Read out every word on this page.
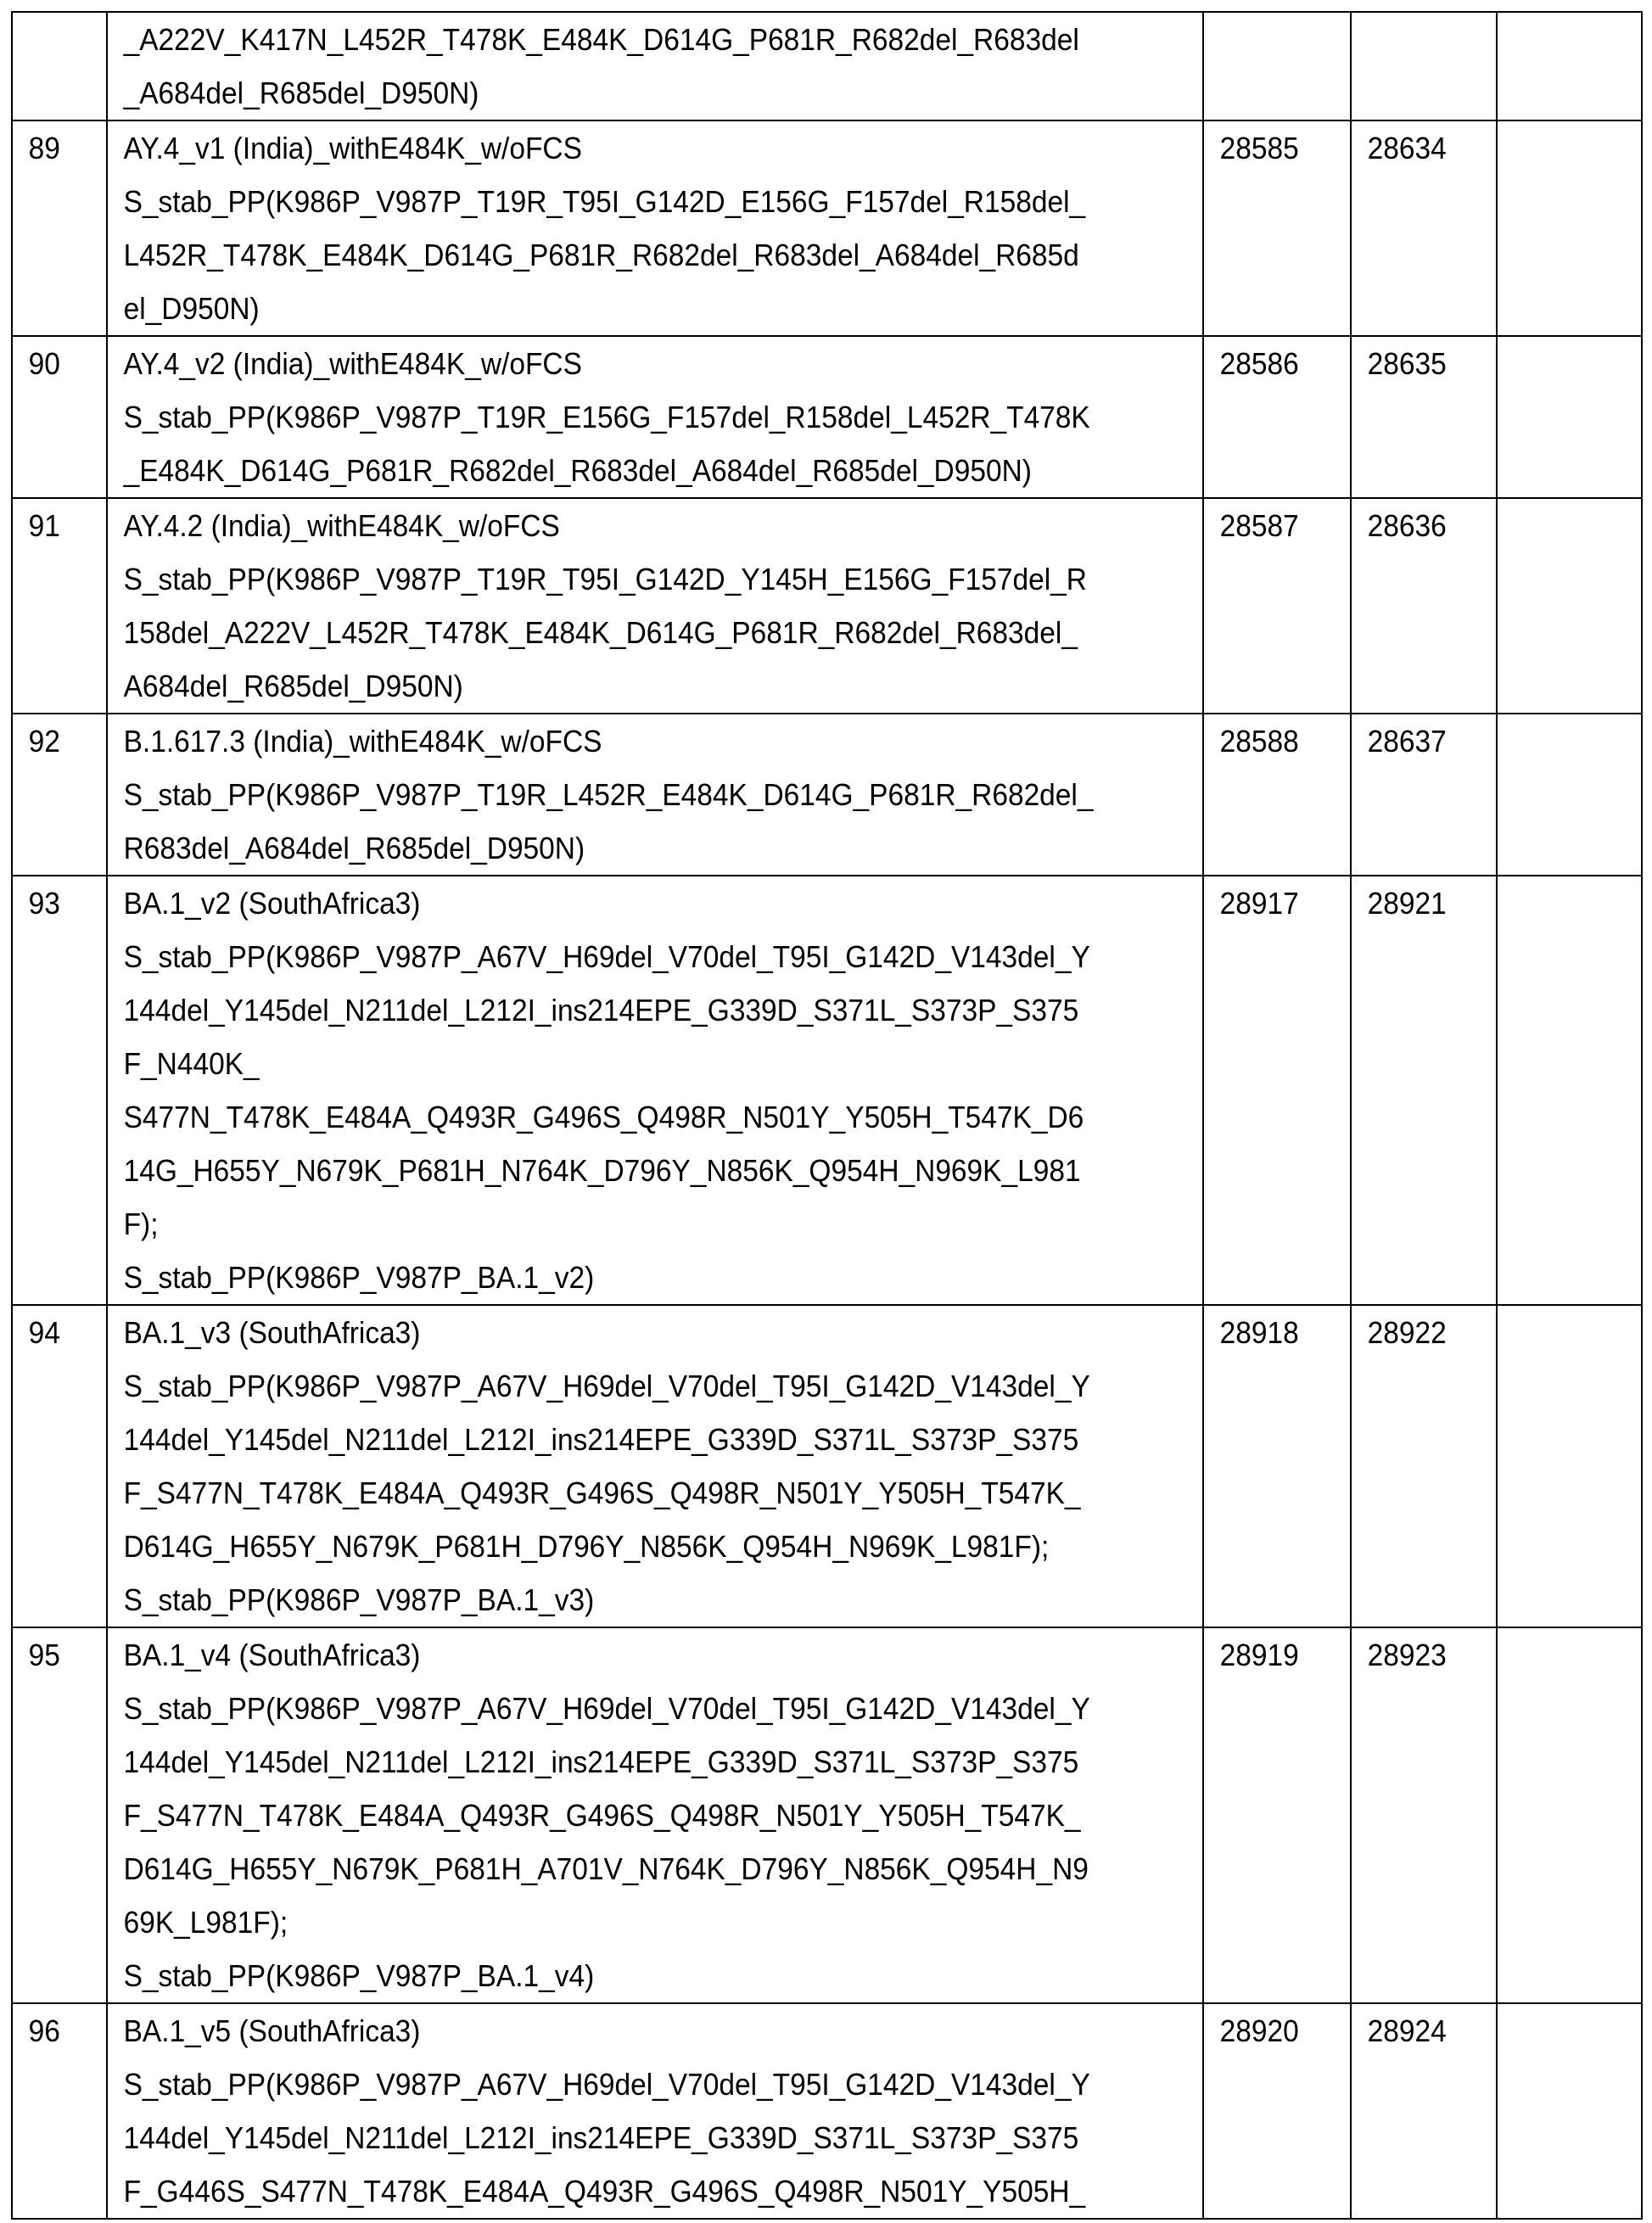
_A222V_K417N_L452R_T478K_E484K_D614G_P681R_R682del_R683del
_A684del_R685del_D950N)

89	AY.4_v1 (India)_withE484K_w/oFCS
S_stab_PP(K986P_V987P_T19R_T95I_G142D_E156G_F157del_R158del_
L452R_T478K_E484K_D614G_P681R_R682del_R683del_A684del_R685d
el_D950N)

28585	28634

90	AY.4_v2 (India)_withE484K_w/oFCS
S_stab_PP(K986P_V987P_T19R_E156G_F157del_R158del_L452R_T478K
_E484K_D614G_P681R_R682del_R683del_A684del_R685del_D950N)

28586	28635

91	AY.4.2 (India)_withE484K_w/oFCS
S_stab_PP(K986P_V987P_T19R_T95I_G142D_Y145H_E156G_F157del_R
158del_A222V_L452R_T478K_E484K_D614G_P681R_R682del_R683del_
A684del_R685del_D950N)

28587	28636

92	B.1.617.3 (India)_withE484K_w/oFCS
S_stab_PP(K986P_V987P_T19R_L452R_E484K_D614G_P681R_R682del_
R683del_A684del_R685del_D950N)

28588	28637

93	BA.1_v2 (SouthAfrica3)
S_stab_PP(K986P_V987P_A67V_H69del_V70del_T95I_G142D_V143del_Y
144del_Y145del_N211del_L212I_ins214EPE_G339D_S371L_S373P_S375
F_N440K_
S477N_T478K_E484A_Q493R_G496S_Q498R_N501Y_Y505H_T547K_D6
14G_H655Y_N679K_P681H_N764K_D796Y_N856K_Q954H_N969K_L981
F);
S_stab_PP(K986P_V987P_BA.1_v2)

28917	28921

94	BA.1_v3 (SouthAfrica3)
S_stab_PP(K986P_V987P_A67V_H69del_V70del_T95I_G142D_V143del_Y
144del_Y145del_N211del_L212I_ins214EPE_G339D_S371L_S373P_S375
F_S477N_T478K_E484A_Q493R_G496S_Q498R_N501Y_Y505H_T547K_
D614G_H655Y_N679K_P681H_D796Y_N856K_Q954H_N969K_L981F);
S_stab_PP(K986P_V987P_BA.1_v3)

28918	28922

95	BA.1_v4 (SouthAfrica3)
S_stab_PP(K986P_V987P_A67V_H69del_V70del_T95I_G142D_V143del_Y
144del_Y145del_N211del_L212I_ins214EPE_G339D_S371L_S373P_S375
F_S477N_T478K_E484A_Q493R_G496S_Q498R_N501Y_Y505H_T547K_
D614G_H655Y_N679K_P681H_A701V_N764K_D796Y_N856K_Q954H_N9
69K_L981F);
S_stab_PP(K986P_V987P_BA.1_v4)

28919	28923

96	BA.1_v5 (SouthAfrica3)
S_stab_PP(K986P_V987P_A67V_H69del_V70del_T95I_G142D_V143del_Y
144del_Y145del_N211del_L212I_ins214EPE_G339D_S371L_S373P_S375
F_G446S_S477N_T478K_E484A_Q493R_G496S_Q498R_N501Y_Y505H_

28920	28924
